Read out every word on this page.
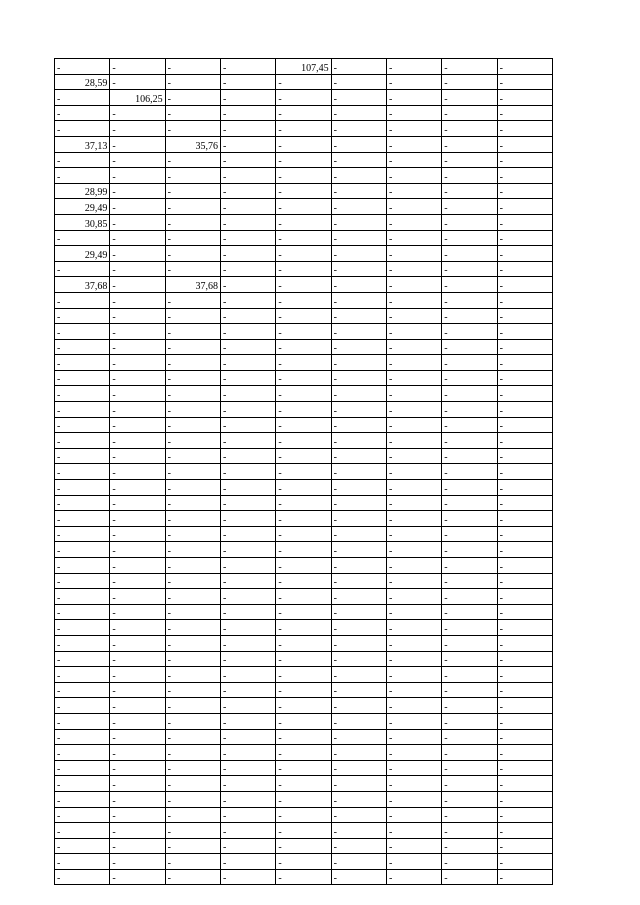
-	-	-	-	107,45	-	-	-	-
28,59	-	-	-	-	-	-	-	-
-	106,25	-	-	-	-	-	-	-
-	-	-	-	-	-	-	-	-
-	-	-	-	-	-	-	-	-
37,13	-	35,76	-	-	-	-	-	-
-	-	-	-	-	-	-	-	-
-	-	-	-	-	-	-	-	-
28,99	-	-	-	-	-	-	-	-
29,49	-	-	-	-	-	-	-	-
30,85	-	-	-	-	-	-	-	-
-	-	-	-	-	-	-	-	-
29,49	-	-	-	-	-	-	-	-
-	-	-	-	-	-	-	-	-
37,68	-	37,68	-	-	-	-	-	-
-	-	-	-	-	-	-	-	-
-	-	-	-	-	-	-	-	-
-	-	-	-	-	-	-	-	-
-	-	-	-	-	-	-	-	-
-	-	-	-	-	-	-	-	-
-	-	-	-	-	-	-	-	-
-	-	-	-	-	-	-	-	-
-	-	-	-	-	-	-	-	-
-	-	-	-	-	-	-	-	-
-	-	-	-	-	-	-	-	-
-	-	-	-	-	-	-	-	-
-	-	-	-	-	-	-	-	-
-	-	-	-	-	-	-	-	-
-	-	-	-	-	-	-	-	-
-	-	-	-	-	-	-	-	-
-	-	-	-	-	-	-	-	-
-	-	-	-	-	-	-	-	-
-	-	-	-	-	-	-	-	-
-	-	-	-	-	-	-	-	-
-	-	-	-	-	-	-	-	-
-	-	-	-	-	-	-	-	-
-	-	-	-	-	-	-	-	-
-	-	-	-	-	-	-	-	-
-	-	-	-	-	-	-	-	-
-	-	-	-	-	-	-	-	-
-	-	-	-	-	-	-	-	-
-	-	-	-	-	-	-	-	-
-	-	-	-	-	-	-	-	-
-	-	-	-	-	-	-	-	-
-	-	-	-	-	-	-	-	-
-	-	-	-	-	-	-	-	-
-	-	-	-	-	-	-	-	-
-	-	-	-	-	-	-	-	-
-	-	-	-	-	-	-	-	-
-	-	-	-	-	-	-	-	-
-	-	-	-	-	-	-	-	-
-	-	-	-	-	-	-	-	-
-	-	-	-	-	-	-	-	-
